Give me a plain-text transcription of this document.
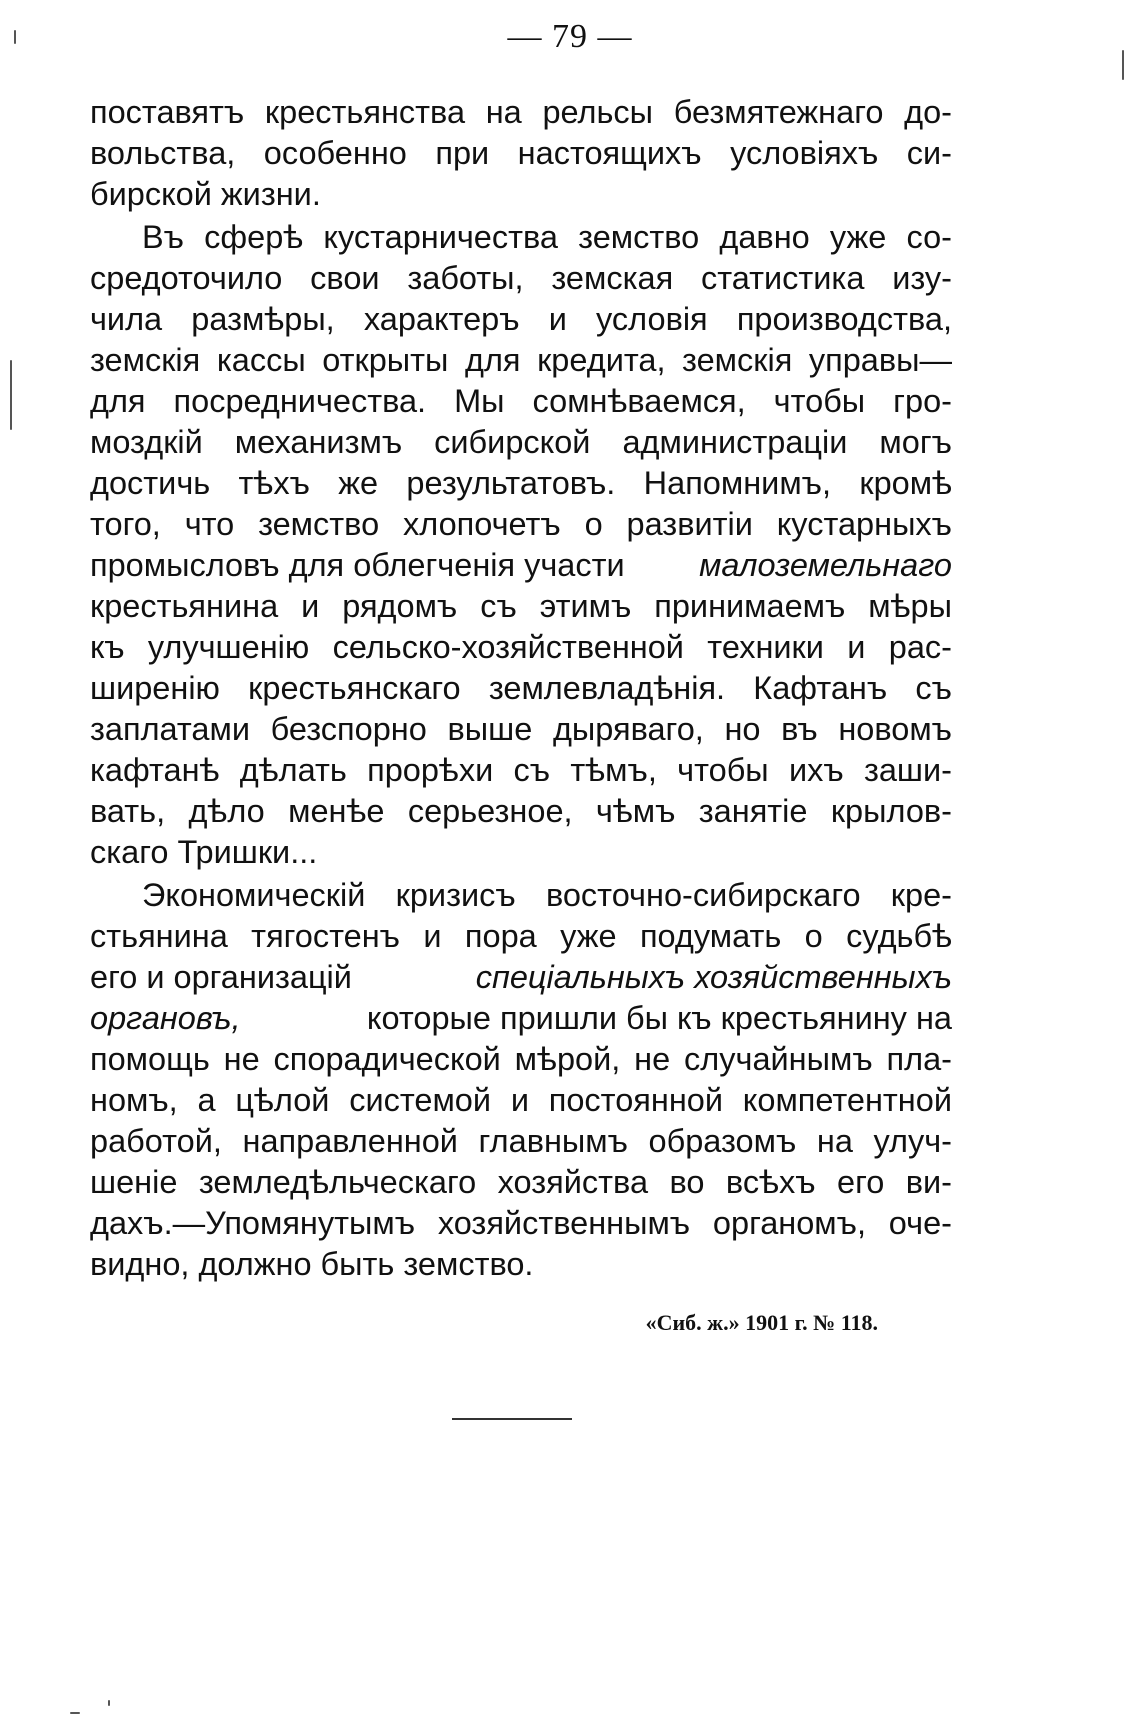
— 79 —

поставятъ крестьянства на рельсы безмятежнаго до-
вольства, особенно при настоящихъ условіяхъ си-
бирской жизни.

Въ сферѣ кустарничества земство давно уже со-
средоточило свои заботы, земская статистика изу-
чила размѣры, характеръ и условія производства,
земскія кассы открыты для кредита, земскія управы—
для посредничества. Мы сомнѣваемся, чтобы гро-
моздкій механизмъ сибирской администраціи могъ
достичь тѣхъ же результатовъ. Напомнимъ, кромѣ
того, что земство хлопочетъ о развитіи кустарныхъ
промысловъ для облегченія участи малоземельнаго
крестьянина и рядомъ съ этимъ принимаемъ мѣры
къ улучшенію сельско-хозяйственной техники и рас-
ширенію крестьянскаго землевладѣнія. Кафтанъ съ
заплатами безспорно выше дыряваго, но въ новомъ
кафтанѣ дѣлать прорѣхи съ тѣмъ, чтобы ихъ заши-
вать, дѣло менѣе серьезное, чѣмъ занятіе крылов-
скаго Тришки...

Экономическій кризисъ восточно-сибирскаго кре-
стьянина тягостенъ и пора уже подумать о судьбѣ
его и организацій	спеціальныхъ хозяйственныхъ
органовъ,	которые пришли бы къ крестьянину на
помощь не спорадической мѣрой, не случайнымъ пла-
номъ, а цѣлой системой и постоянной компетентной
работой, направленной главнымъ образомъ на улуч-
шеніе земледѣльческаго хозяйства во всѣхъ его ви-
дахъ.—Упомянутымъ хозяйственнымъ органомъ, оче-
видно, должно быть земство.

«Сиб. ж.» 1901 г. № 118.
